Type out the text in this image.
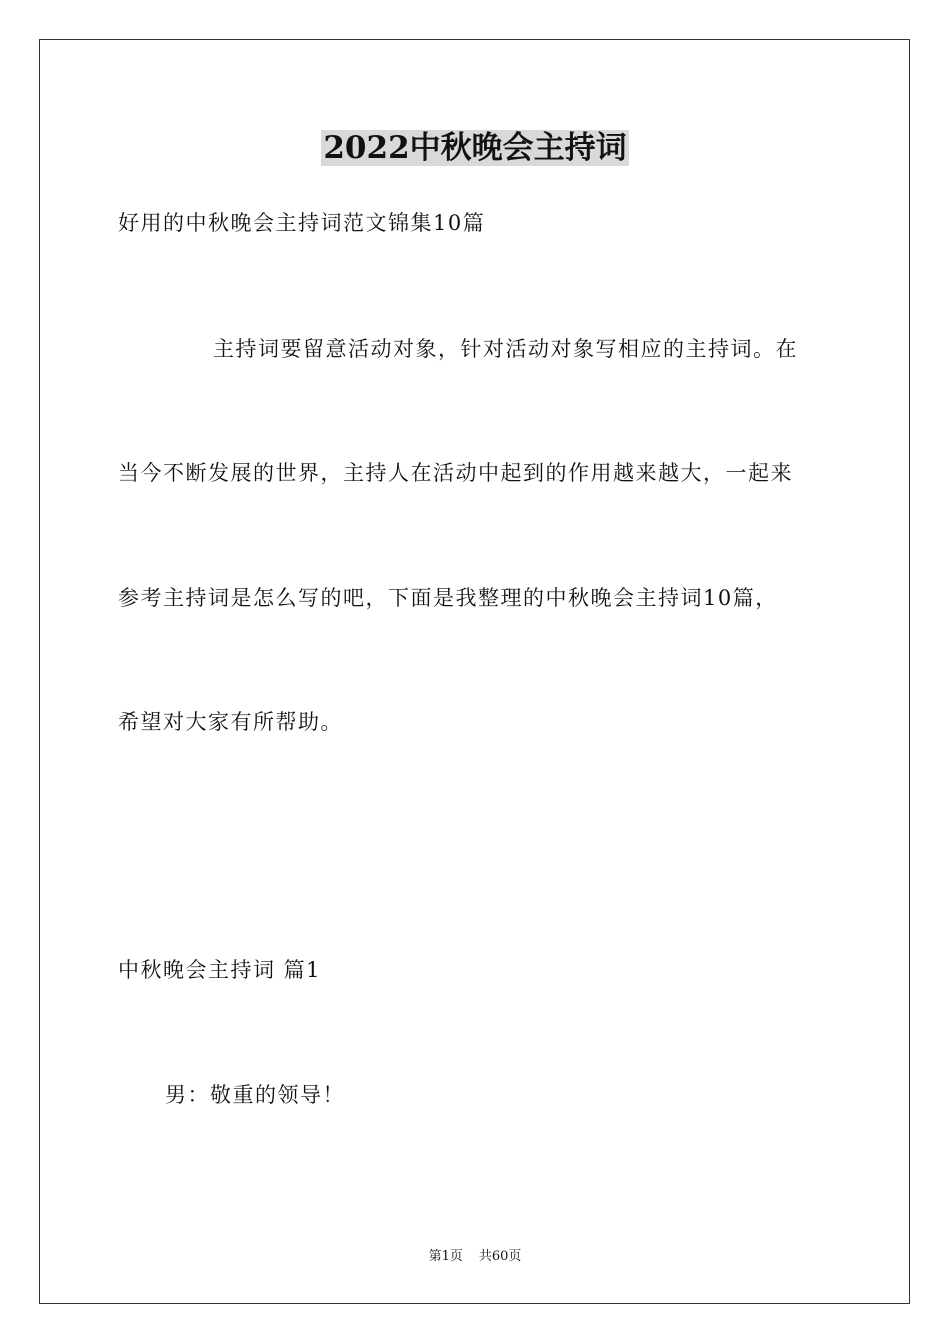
2022中秋晚会主持词
好用的中秋晚会主持词范文锦集10篇
主持词要留意活动对象，针对活动对象写相应的主持词。在
当今不断发展的世界，主持人在活动中起到的作用越来越大，一起来
参考主持词是怎么写的吧，下面是我整理的中秋晚会主持词10篇，
希望对大家有所帮助。
中秋晚会主持词 篇1
男：敬重的领导！
第1页 共60页
